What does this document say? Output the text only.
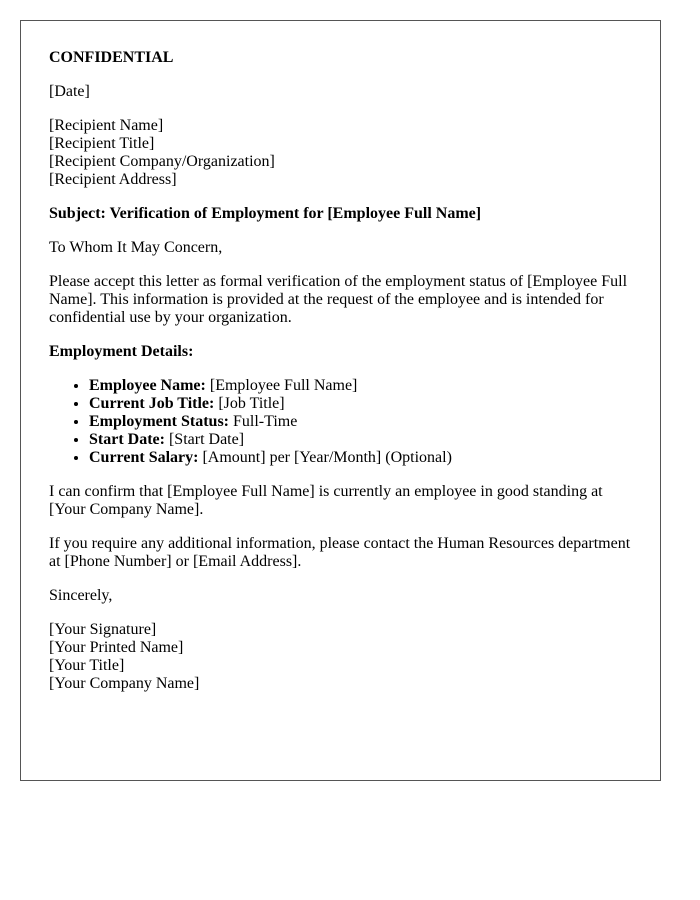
CONFIDENTIAL

[Date]

[Recipient Name]
[Recipient Title]
[Recipient Company/Organization]
[Recipient Address]

Subject: Verification of Employment for [Employee Full Name]

To Whom It May Concern,

Please accept this letter as formal verification of the employment status of [Employee Full Name]. This information is provided at the request of the employee and is intended for confidential use by your organization.

Employment Details:

• Employee Name: [Employee Full Name]
• Current Job Title: [Job Title]
• Employment Status: Full-Time
• Start Date: [Start Date]
• Current Salary: [Amount] per [Year/Month] (Optional)

I can confirm that [Employee Full Name] is currently an employee in good standing at [Your Company Name].

If you require any additional information, please contact the Human Resources department at [Phone Number] or [Email Address].

Sincerely,

[Your Signature]
[Your Printed Name]
[Your Title]
[Your Company Name]
